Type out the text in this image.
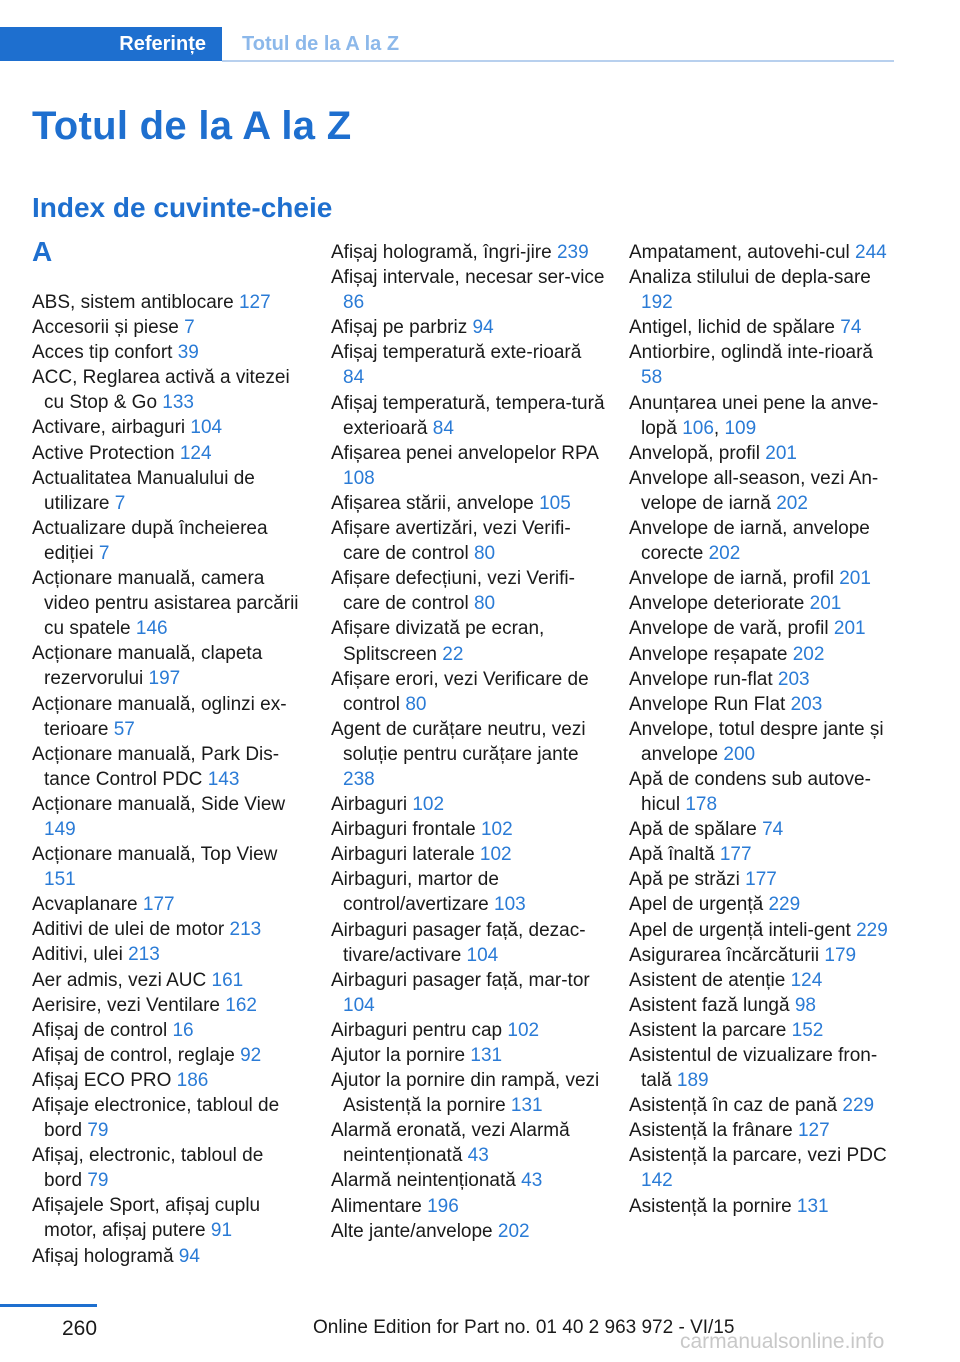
Referințe	Totul de la A la Z
Totul de la A la Z
Index de cuvinte-cheie
A
ABS, sistem antiblocare 127
Accesorii și piese 7
Acces tip confort 39
ACC, Reglarea activă a vitezei cu Stop & Go 133
Activare, airbaguri 104
Active Protection 124
Actualitatea Manualului de utilizare 7
Actualizare după încheierea ediției 7
Acționare manuală, camera video pentru asistarea parcării cu spatele 146
Acționare manuală, clapeta rezervorului 197
Acționare manuală, oglinzi ex‐terioare 57
Acționare manuală, Park Dis‐tance Control PDC 143
Acționare manuală, Side View 149
Acționare manuală, Top View 151
Acvaplanare 177
Aditivi de ulei de motor 213
Aditivi, ulei 213
Aer admis, vezi AUC 161
Aerisire, vezi Ventilare 162
Afișaj de control 16
Afișaj de control, reglaje 92
Afișaj ECO PRO 186
Afișaje electronice, tabloul de bord 79
Afișaj, electronic, tabloul de bord 79
Afișajele Sport, afișaj cuplu motor, afișaj putere 91
Afișaj hologramă 94
Afișaj hologramă, îngri‐jire 239
Afișaj intervale, necesar ser‐vice 86
Afișaj pe parbriz 94
Afișaj temperatură exte‐rioară 84
Afișaj temperatură, tempera‐tură exterioară 84
Afișarea penei anvelopelor RPA 108
Afișarea stării, anvelope 105
Afișare avertizări, vezi Verifi‐care de control 80
Afișare defecțiuni, vezi Verifi‐care de control 80
Afișare divizată pe ecran, Splitscreen 22
Afișare erori, vezi Verificare de control 80
Agent de curățare neutru, vezi soluție pentru curățare jante 238
Airbaguri 102
Airbaguri frontale 102
Airbaguri laterale 102
Airbaguri, martor de control/avertizare 103
Airbaguri pasager față, dezac‐tivare/activare 104
Airbaguri pasager față, mar‐tor 104
Airbaguri pentru cap 102
Ajutor la pornire 131
Ajutor la pornire din rampă, vezi Asistență la pornire 131
Alarmă eronată, vezi Alarmă neintenționată 43
Alarmă neintenționată 43
Alimentare 196
Alte jante/anvelope 202
Ampatament, autovehi‐cul 244
Analiza stilului de depla‐sare 192
Antigel, lichid de spălare 74
Antiorbire, oglindă inte‐rioară 58
Anunțarea unei pene la anve‐lopă 106, 109
Anvelopă, profil 201
Anvelope all-season, vezi An‐velope de iarnă 202
Anvelope de iarnă, anvelope corecte 202
Anvelope de iarnă, profil 201
Anvelope deteriorate 201
Anvelope de vară, profil 201
Anvelope reșapate 202
Anvelope run-flat 203
Anvelope Run Flat 203
Anvelope, totul despre jante și anvelope 200
Apă de condens sub autove‐hicul 178
Apă de spălare 74
Apă înaltă 177
Apă pe străzi 177
Apel de urgență 229
Apel de urgență inteli‐gent 229
Asigurarea încărcăturii 179
Asistent de atenție 124
Asistent fază lungă 98
Asistent la parcare 152
Asistentul de vizualizare fron‐tală 189
Asistență în caz de pană 229
Asistență la frânare 127
Asistență la parcare, vezi PDC 142
Asistență la pornire 131
260	Online Edition for Part no. 01 40 2 963 972 - VI/15
carmanualsonline.info
